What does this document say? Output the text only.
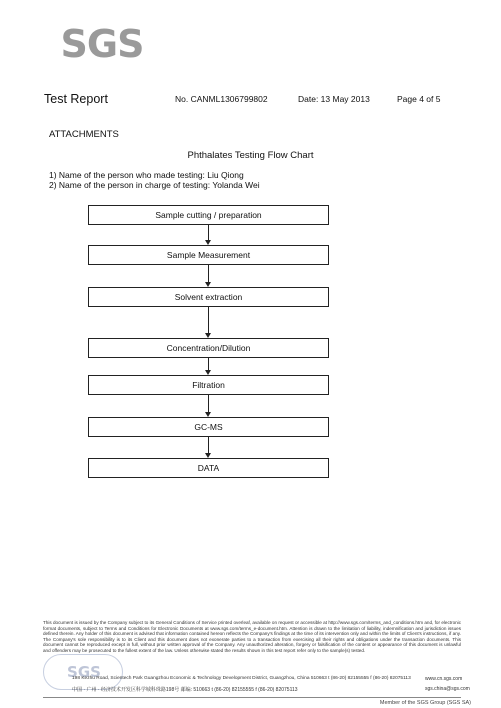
SGS
Test Report	No. CANML1306799802	Date: 13 May 2013	Page 4 of 5
ATTACHMENTS
Phthalates Testing Flow Chart
1) Name of the person who made testing: Liu Qiong
2) Name of the person in charge of testing: Yolanda Wei
Sample cutting / preparation
Sample Measurement
Solvent extraction
Concentration/Dilution
Filtration
GC-MS
DATA
This document is issued by the Company subject to its General Conditions of Service printed overleaf, available on request or accessible at http://www.sgs.com/terms_and_conditions.htm and, for electronic format documents, subject to Terms and Conditions for Electronic Documents at www.sgs.com/terms_e-document.htm. Attention is drawn to the limitation of liability, indemnification and jurisdiction issues defined therein. Any holder of this document is advised that information contained hereon reflects the Company's findings at the time of its intervention only and within the limits of Client's instructions, if any. The Company's sole responsibility is to its Client and this document does not exonerate parties to a transaction from exercising all their rights and obligations under the transaction documents. This document cannot be reproduced except in full, without prior written approval of the Company. Any unauthorized alteration, forgery or falsification of the content or appearance of this document is unlawful and offenders may be prosecuted to the fullest extent of the law. Unless otherwise stated the results shown in this test report refer only to the sample(s) tested.
SGS
198 Kezhu Road, Scientech Park Guangzhou Economic & Technology Development District, Guangzhou, China 510663 t (86-20) 82155555 f (86-20) 82075113
中国 · 广州 · 经济技术开发区科学城科珠路198号 邮编: 510663 t (86-20) 82155555 f (86-20) 82075113
www.cn.sgs.com
sgs.china@sgs.com
Member of the SGS Group (SGS SA)
